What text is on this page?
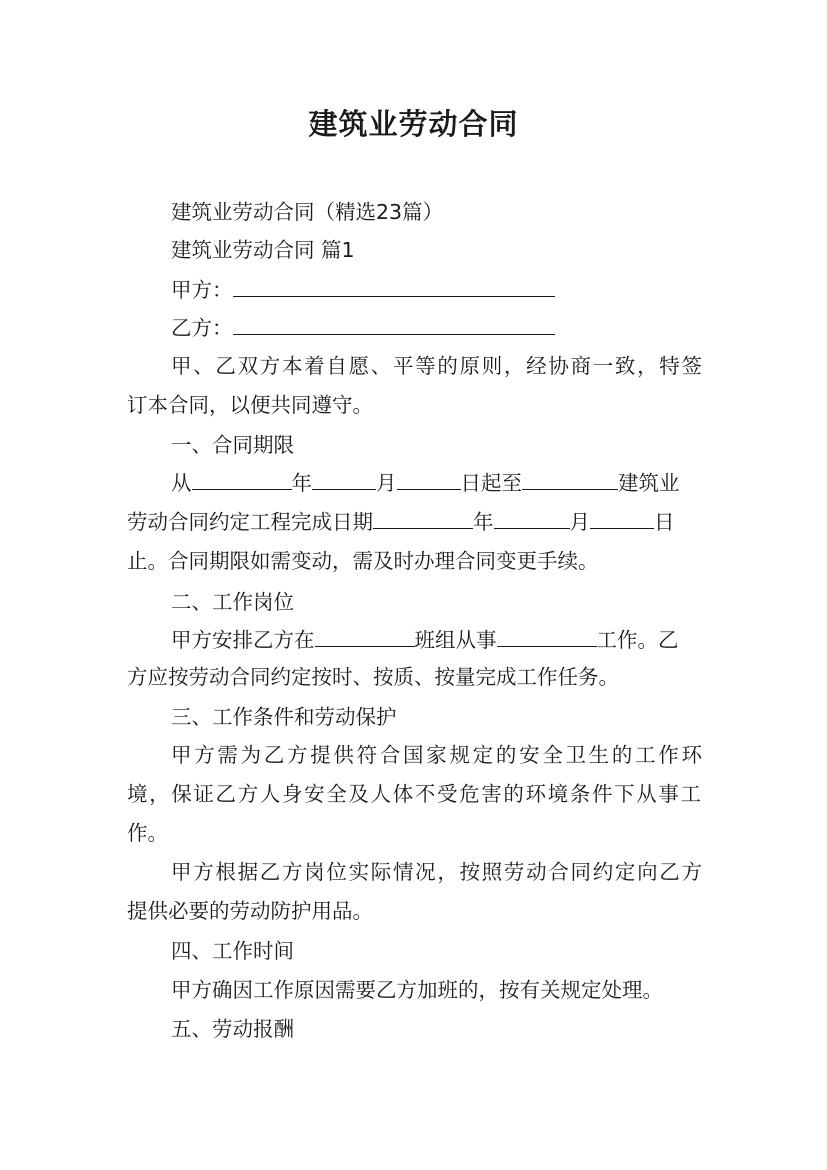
建筑业劳动合同

建筑业劳动合同（精选23篇）

建筑业劳动合同 篇1

甲方：

乙方：

甲、乙双方本着自愿、平等的原则，经协商一致，特签

订本合同，以便共同遵守。

一、合同期限

从	年	月	日起至	建筑业

劳动合同约定工程完成日期	年	月	日

止。合同期限如需变动，需及时办理合同变更手续。

二、工作岗位

甲方安排乙方在	班组从事	工作。乙

方应按劳动合同约定按时、按质、按量完成工作任务。

三、工作条件和劳动保护

甲方需为乙方提供符合国家规定的安全卫生的工作环

境，保证乙方人身安全及人体不受危害的环境条件下从事工

作。

甲方根据乙方岗位实际情况，按照劳动合同约定向乙方

提供必要的劳动防护用品。

四、工作时间

甲方确因工作原因需要乙方加班的，按有关规定处理。

五、劳动报酬
